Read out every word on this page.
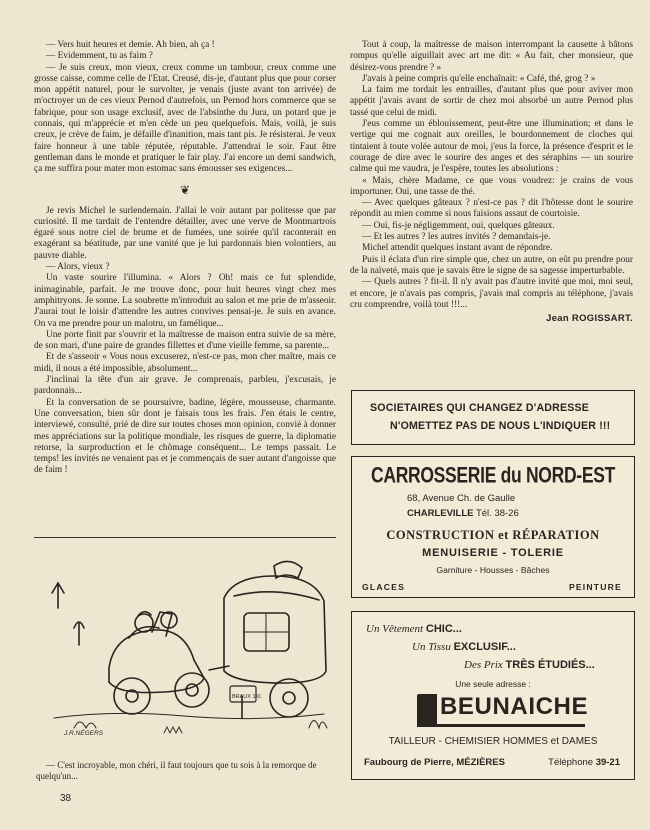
— Vers huit heures et demie. Ah bien, ah ça !

— Evidemment, tu as faim ?

— Je suis creux, mon vieux, creux comme un tambour, creux comme une grosse caisse, comme celle de l'Etat. Creusé, dis-je, d'autant plus que pour corser mon appétit naturel, pour le survolter, je venais (juste avant ton arrivée) de m'octroyer un de ces vieux Pernod d'autrefois, un Pernod hors commerce que se fabrique, pour son usage exclusif, avec de l'absinthe du Jura, un potard que je connais, qui m'apprécie et m'en cède un peu quelquefois. Mais, voilà, je suis creux, je crève de faim, je défaille d'inanition, mais tant pis. Je résisterai. Je veux faire honneur à une table réputée, réputable. J'attendrai le soir. Faut être gentleman dans le monde et pratiquer le fair play. J'ai encore un demi sandwich, ça me suffira pour mater mon estomac sans émousser ses exigences...

❦

Je revis Michel le surlendemain. J'allai le voir autant par politesse que par curiosité. Il me tardait de l'entendre détailler, avec une verve de Montmartrois égaré sous notre ciel de brume et de fumées, une soirée qu'il raconterait en exagérant sa béatitude, par une vanité que je lui pardonnais bien volontiers, au pauvre diable.

— Alors, vieux ?

Un vaste sourire l'illumina. « Alors ? Oh! mais ce fut splendide, inimaginable, parfait. Je me trouve donc, pour huit heures vingt chez mes amphitryons. Je sonne. La soubrette m'introduit au salon et me prie de m'asseoir. J'aurai tout le loisir d'attendre les autres convives pensai-je. Je suis en avance. On va me prendre pour un malotru, un famélique...

Une porte finit par s'ouvrir et la maîtresse de maison entra suivie de sa mère, de son mari, d'une paire de grandes fillettes et d'une vieille femme, sa parente...

Et de s'asseoir « Vous nous excuserez, n'est-ce pas, mon cher maître, mais ce midi, il nous a été impossible, absolument...

J'inclinai la tête d'un air grave. Je comprenais, parbleu, j'excusais, je pardonnais...

Et la conversation de se poursuivre, badine, légère, mousseuse, charmante. Une conversation, bien sûr dont je faisais tous les frais. J'en étais le centre, interviewé, consulté, prié de dire sur toutes choses mon opinion, convié à donner mes appréciations sur la politique mondiale, les risques de guerre, la diplomatie retorse, la surproduction et le chômage conséquent... Le temps passait. Le temps! les invités ne venaient pas et je commençais de suer autant d'angoisse que de faim !

BRAUX 1Kl.
J.R.NÉGERS
— C'est incroyable, mon chéri, il faut toujours que tu sois à la remorque de quelqu'un...
38

Tout à coup, la maîtresse de maison interrompant la causette à bâtons rompus qu'elle aiguillait avec art me dit: « Au fait, cher monsieur, que désirez-vous prendre ? »

J'avais à peine compris qu'elle enchaînait: « Café, thé, grog ? »

La faim me tordait les entrailles, d'autant plus que pour aviver mon appétit j'avais avant de sortir de chez moi absorbé un autre Pernod plus tassé que celui de midi.

J'eus comme un éblouissement, peut-être une illumination; et dans le vertige qui me cognait aux oreilles, le bourdonnement de cloches qui tintaient à toute volée autour de moi, j'eus la force, la présence d'esprit et le courage de dire avec le sourire des anges et des séraphins — un sourire calme qui me vaudra, je l'espère, toutes les absolutions :

« Mais, chère Madame, ce que vous voudrez: je crains de vous importuner. Oui, une tasse de thé.

— Avec quelques gâteaux ? n'est-ce pas ? dit l'hôtesse dont le sourire répondit au mien comme si nous faisions assaut de courtoisie.

— Oui, fis-je négligemment, oui, quelques gâteaux.

— Et les autres ? les autres invités ? demandais-je.

Michel attendit quelques instant avant de répondre.

Puis il éclata d'un rire simple que, chez un autre, on eût pu prendre pour de la naïveté, mais que je savais être le signe de sa sagesse imperturbable.

— Quels autres ? fit-il. Il n'y avait pas d'autre invité que moi, moi seul, et encore, je n'avais pas compris, j'avais mal compris au téléphone, j'avais cru comprendre, voilà tout !!!...

Jean ROGISSART.
SOCIETAIRES QUI CHANGEZ D'ADRESSE
N'OMETTEZ PAS DE NOUS L'INDIQUER !!!
CARROSSERIE du NORD-EST
68, Avenue Ch. de Gaulle
CHARLEVILLE Tél. 38-26
CONSTRUCTION et RÉPARATION
MENUISERIE - TOLERIE
Garniture - Housses - Bâches
GLACES	PEINTURE
Un Vêtement CHIC...
Un Tissu EXCLUSIF...
Des Prix TRÈS ÉTUDIÉS...
Une seule adresse :
BEUNAICHE
TAILLEUR - CHEMISIER HOMMES et DAMES
Faubourg de Pierre, MÉZIÈRES	Téléphone 39-21
